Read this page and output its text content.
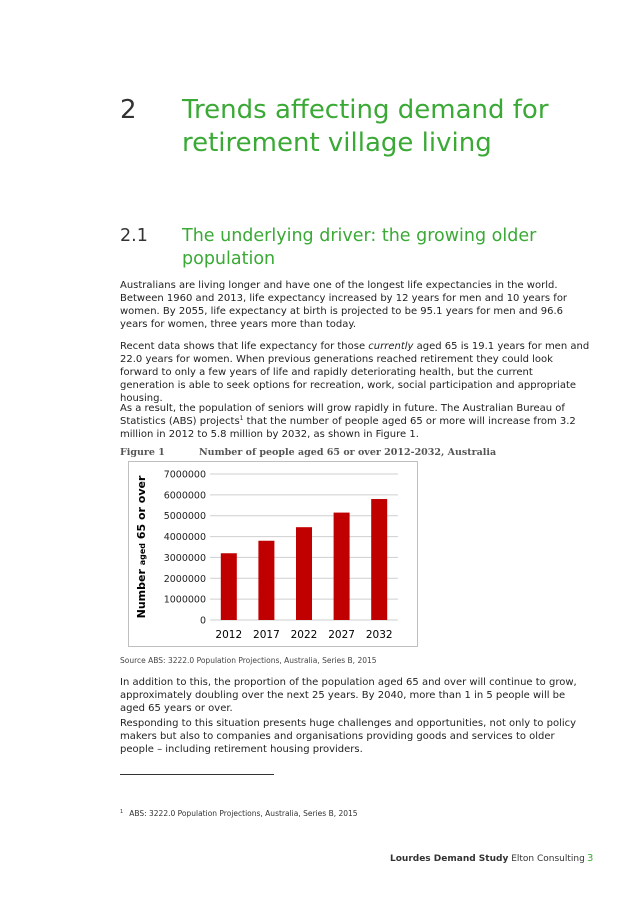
2 Trends affecting demand for retirement village living
2.1 The underlying driver: the growing older population

Australians are living longer and have one of the longest life expectancies in the world. Between 1960 and 2013, life expectancy increased by 12 years for men and 10 years for women. By 2055, life expectancy at birth is projected to be 95.1 years for men and 96.6 years for women, three years more than today.

Recent data shows that life expectancy for those currently aged 65 is 19.1 years for men and 22.0 years for women. When previous generations reached retirement they could look forward to only a few years of life and rapidly deteriorating health, but the current generation is able to seek options for recreation, work, social participation and appropriate housing.

As a result, the population of seniors will grow rapidly in future. The Australian Bureau of Statistics (ABS) projects$^1$ that the number of people aged 65 or more will increase from 3.2 million in 2012 to 5.8 million by 2032, as shown in Figure 1.

Figure 1	Number of people aged 65 or over 2012-2032, Australia
0
1000000
2000000
3000000
4000000
5000000
6000000
7000000
2012 2017 2022 2027 2032
Number aged 65 or over
Source ABS: 3222.0 Population Projections, Australia, Series B, 2015

In addition to this, the proportion of the population aged 65 and over will continue to grow, approximately doubling over the next 25 years. By 2040, more than 1 in 5 people will be aged 65 years or over.

Responding to this situation presents huge challenges and opportunities, not only to policy makers but also to companies and organisations providing goods and services to older people – including retirement housing providers.

$^1$ ABS: 3222.0 Population Projections, Australia, Series B, 2015
Lourdes Demand Study Elton Consulting 3
